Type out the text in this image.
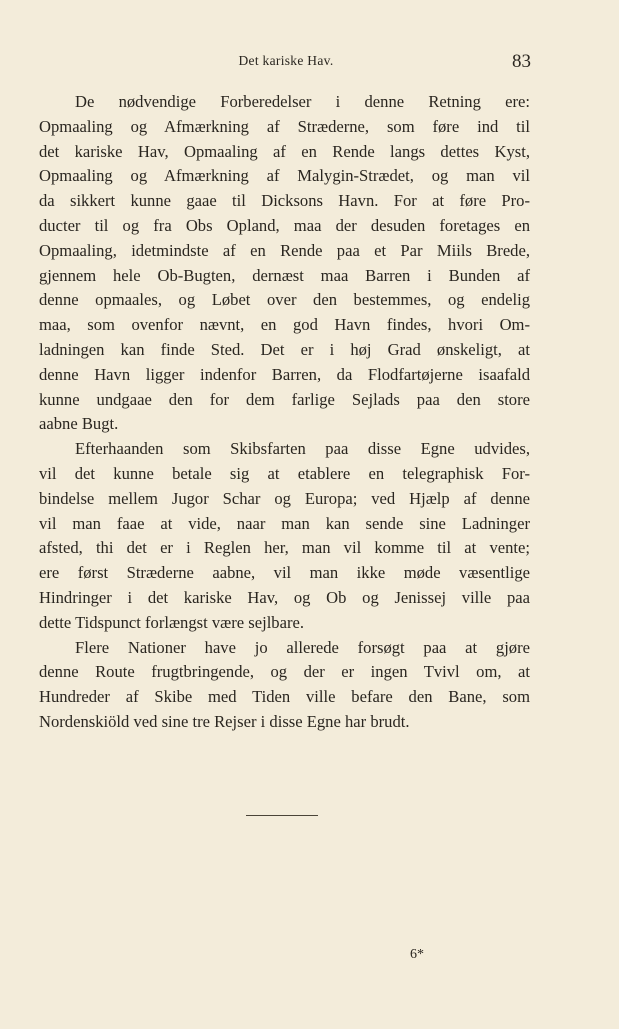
Det kariske Hav.	83

De nødvendige Forberedelser i denne Retning ere:
Opmaaling og Afmærkning af Stræderne, som føre ind til
det kariske Hav, Opmaaling af en Rende langs dettes Kyst,
Opmaaling og Afmærkning af Malygin-Strædet, og man vil
da sikkert kunne gaae til Dicksons Havn. For at føre Pro-
ducter til og fra Obs Opland, maa der desuden foretages en
Opmaaling, idetmindste af en Rende paa et Par Miils Brede,
gjennem hele Ob-Bugten, dernæst maa Barren i Bunden af
denne opmaales, og Løbet over den bestemmes, og endelig
maa, som ovenfor nævnt, en god Havn findes, hvori Om-
ladningen kan finde Sted. Det er i høj Grad ønskeligt, at
denne Havn ligger indenfor Barren, da Flodfartøjerne isaafald
kunne undgaae den for dem farlige Sejlads paa den store
aabne Bugt.

Efterhaanden som Skibsfarten paa disse Egne udvides,
vil det kunne betale sig at etablere en telegraphisk For-
bindelse mellem Jugor Schar og Europa; ved Hjælp af denne
vil man faae at vide, naar man kan sende sine Ladninger
afsted, thi det er i Reglen her, man vil komme til at vente;
ere først Stræderne aabne, vil man ikke møde væsentlige
Hindringer i det kariske Hav, og Ob og Jenissej ville paa
dette Tidspunct forlængst være sejlbare.

Flere Nationer have jo allerede forsøgt paa at gjøre
denne Route frugtbringende, og der er ingen Tvivl om, at
Hundreder af Skibe med Tiden ville befare den Bane, som
Nordenskiöld ved sine tre Rejser i disse Egne har brudt.

6*
